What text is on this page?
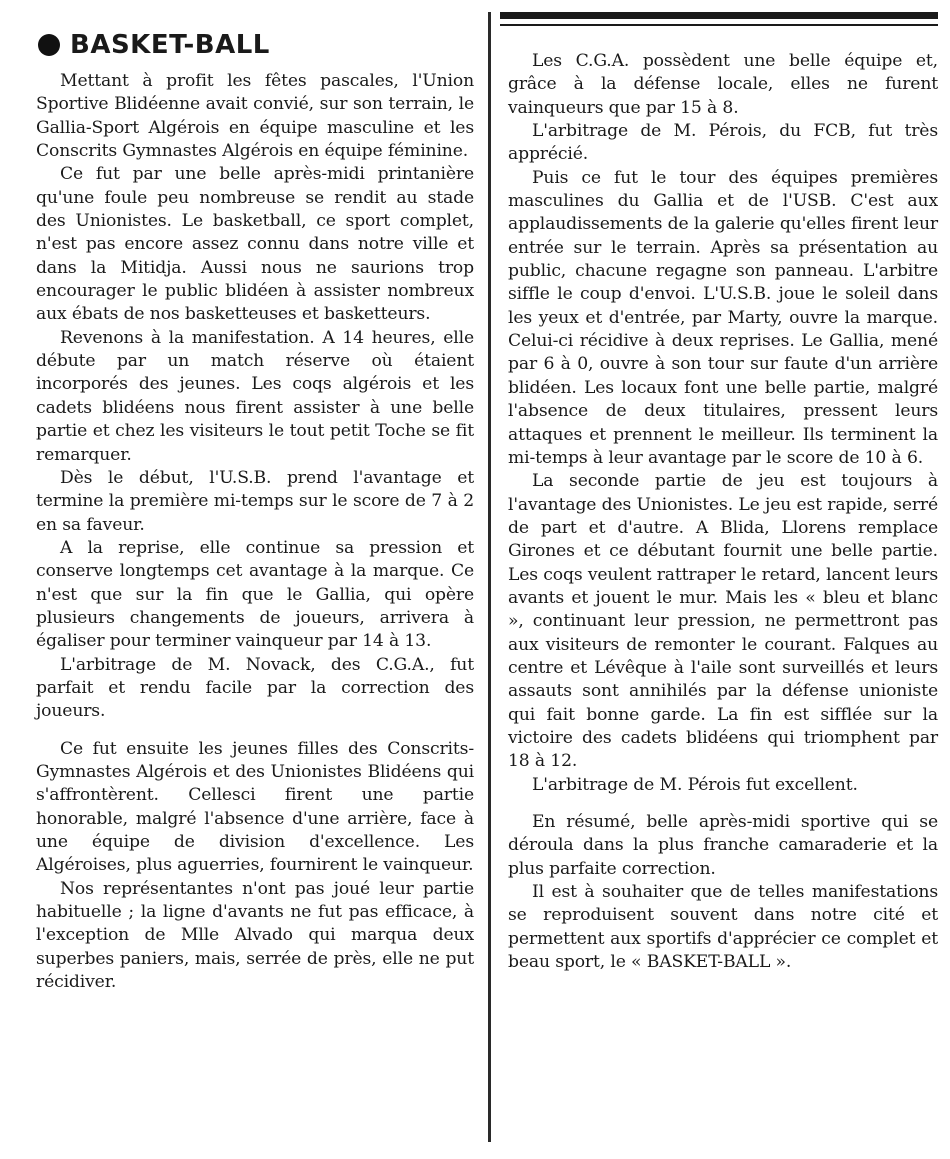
BASKET-BALL

Mettant à profit les fêtes pascales, l'Union Sportive Blidéenne avait convié, sur son terrain, le Gallia-Sport Algérois en équipe masculine et les Conscrits Gymnastes Algérois en équipe féminine.

Ce fut par une belle après-midi printanière qu'une foule peu nombreuse se rendit au stade des Unionistes. Le basketball, ce sport complet, n'est pas encore assez connu dans notre ville et dans la Mitidja. Aussi nous ne saurions trop encourager le public blidéen à assister nombreux aux ébats de nos basketteuses et basketteurs.

Revenons à la manifestation. A 14 heures, elle débute par un match réserve où étaient incorporés des jeunes. Les coqs algérois et les cadets blidéens nous firent assister à une belle partie et chez les visiteurs le tout petit Toche se fit remarquer.

Dès le début, l'U.S.B. prend l'avantage et termine la première mi-temps sur le score de 7 à 2 en sa faveur.

A la reprise, elle continue sa pression et conserve longtemps cet avantage à la marque. Ce n'est que sur la fin que le Gallia, qui opère plusieurs changements de joueurs, arrivera à égaliser pour terminer vainqueur par 14 à 13.

L'arbitrage de M. Novack, des C.G.A., fut parfait et rendu facile par la correction des joueurs.

Ce fut ensuite les jeunes filles des Conscrits-Gymnastes Algérois et des Unionistes Blidéens qui s'affrontèrent. Cellesci firent une partie honorable, malgré l'absence d'une arrière, face à une équipe de division d'excellence. Les Algéroises, plus aguerries, fournirent le vainqueur.

Nos représentantes n'ont pas joué leur partie habituelle ; la ligne d'avants ne fut pas efficace, à l'exception de Mlle Alvado qui marqua deux superbes paniers, mais, serrée de près, elle ne put récidiver.

Les C.G.A. possèdent une belle équipe et, grâce à la défense locale, elles ne furent vainqueurs que par 15 à 8.

L'arbitrage de M. Pérois, du FCB, fut très apprécié.

Puis ce fut le tour des équipes premières masculines du Gallia et de l'USB. C'est aux applaudissements de la galerie qu'elles firent leur entrée sur le terrain. Après sa présentation au public, chacune regagne son panneau. L'arbitre siffle le coup d'envoi. L'U.S.B. joue le soleil dans les yeux et d'entrée, par Marty, ouvre la marque. Celui-ci récidive à deux reprises. Le Gallia, mené par 6 à 0, ouvre à son tour sur faute d'un arrière blidéen. Les locaux font une belle partie, malgré l'absence de deux titulaires, pressent leurs attaques et prennent le meilleur. Ils terminent la mi-temps à leur avantage par le score de 10 à 6.

La seconde partie de jeu est toujours à l'avantage des Unionistes. Le jeu est rapide, serré de part et d'autre. A Blida, Llorens remplace Girones et ce débutant fournit une belle partie. Les coqs veulent rattraper le retard, lancent leurs avants et jouent le mur. Mais les « bleu et blanc », continuant leur pression, ne permettront pas aux visiteurs de remonter le courant. Falques au centre et Lévêque à l'aile sont surveillés et leurs assauts sont annihilés par la défense unioniste qui fait bonne garde. La fin est sifflée sur la victoire des cadets blidéens qui triomphent par 18 à 12.

L'arbitrage de M. Pérois fut excellent.

En résumé, belle après-midi sportive qui se déroula dans la plus franche camaraderie et la plus parfaite correction.

Il est à souhaiter que de telles manifestations se reproduisent souvent dans notre cité et permettent aux sportifs d'apprécier ce complet et beau sport, le « BASKET-BALL ».
